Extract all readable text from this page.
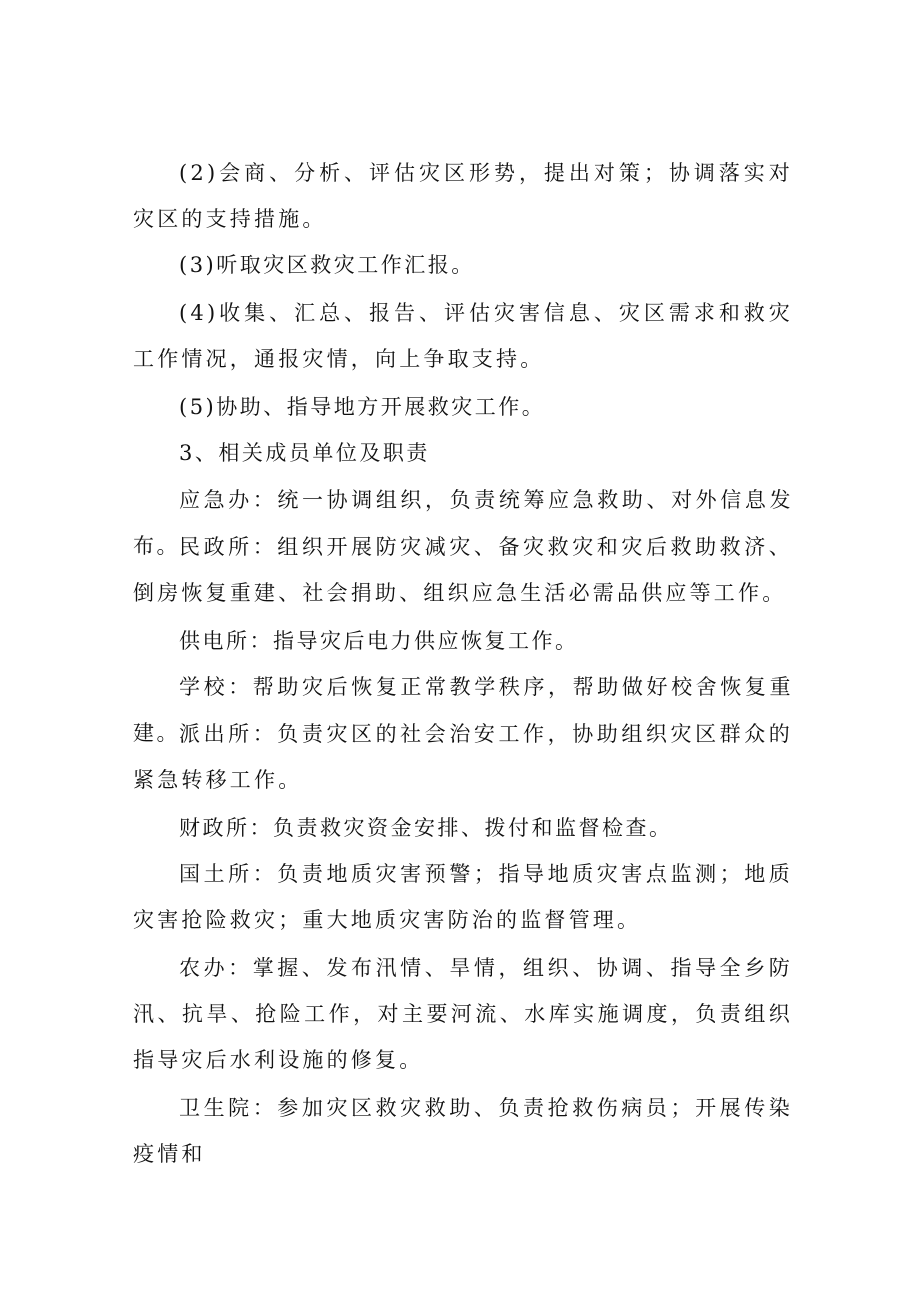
(2)会商、分析、评估灾区形势，提出对策；协调落实对灾区的支持措施。

(3)听取灾区救灾工作汇报。

(4)收集、汇总、报告、评估灾害信息、灾区需求和救灾工作情况，通报灾情，向上争取支持。

(5)协助、指导地方开展救灾工作。

3、相关成员单位及职责

应急办：统一协调组织，负责统筹应急救助、对外信息发布。 民政所：组织开展防灾减灾、备灾救灾和灾后救助救济、倒房恢复重建、社会捐助、组织应急生活必需品供应等工作。

供电所：指导灾后电力供应恢复工作。

学校：帮助灾后恢复正常教学秩序，帮助做好校舍恢复重建。 派出所：负责灾区的社会治安工作，协助组织灾区群众的紧急转移工作。

财政所：负责救灾资金安排、拨付和监督检查。

国土所：负责地质灾害预警；指导地质灾害点监测；地质灾害抢险救灾；重大地质灾害防治的监督管理。

农办：掌握、发布汛情、旱情，组织、协调、指导全乡防汛、抗旱、抢险工作，对主要河流、水库实施调度，负责组织指导灾后水利设施的修复。

卫生院：参加灾区救灾救助、负责抢救伤病员；开展传染疫情和
